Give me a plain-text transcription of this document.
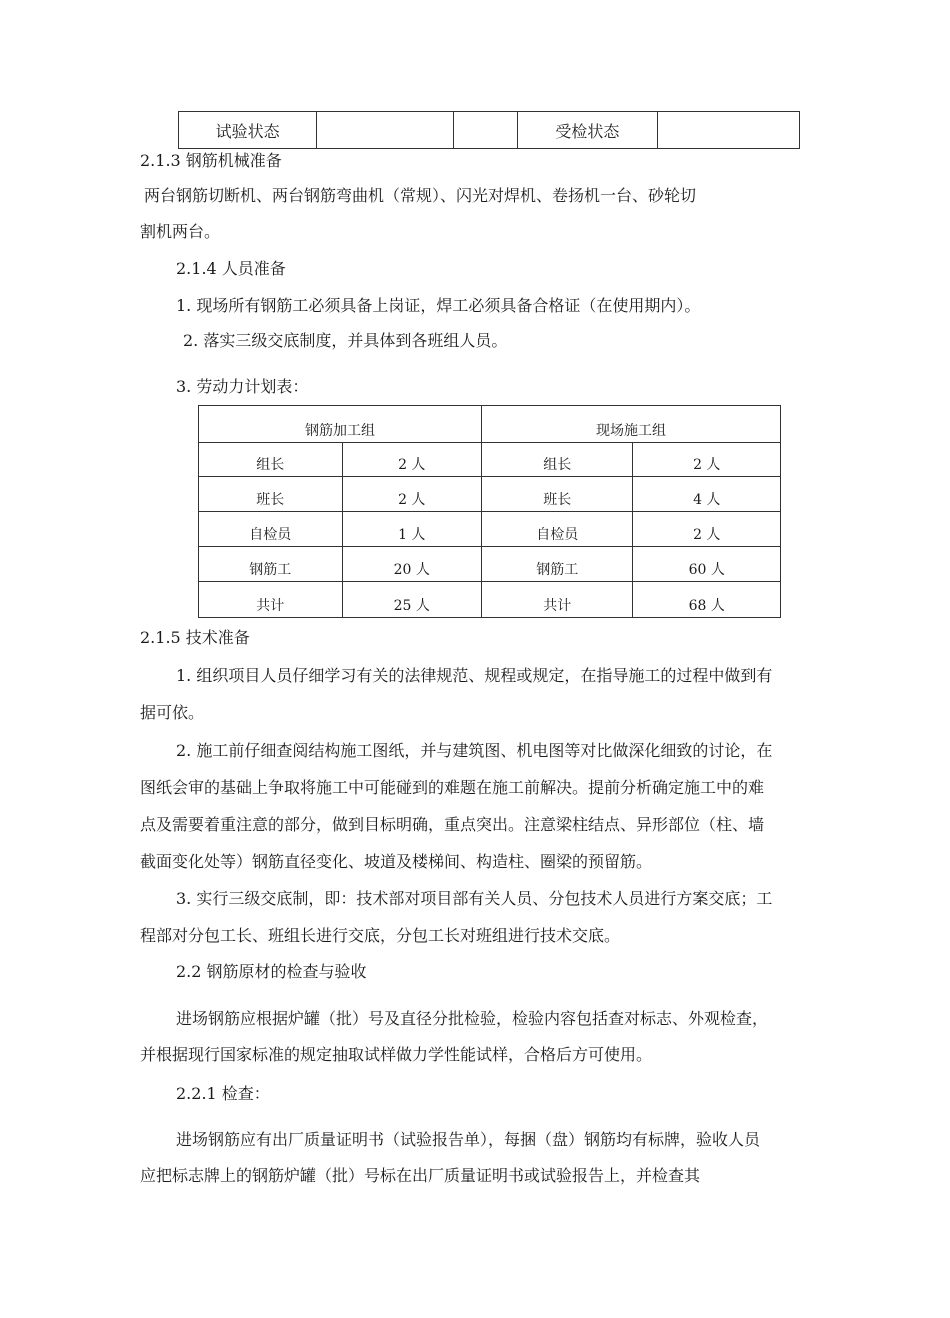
试验状态			受检状态	
2.1.3 钢筋机械准备
两台钢筋切断机、两台钢筋弯曲机（常规）、闪光对焊机、卷扬机一台、砂轮切
割机两台。
2.1.4 人员准备
1. 现场所有钢筋工必须具备上岗证，焊工必须具备合格证（在使用期内）。
2. 落实三级交底制度，并具体到各班组人员。
3. 劳动力计划表：
钢筋加工组		现场施工组	
组长	2 人	组长	2 人
班长	2 人	班长	4 人
自检员	1 人	自检员	2 人
钢筋工	20 人	钢筋工	60 人
共计	25 人	共计	68 人
2.1.5 技术准备
1. 组织项目人员仔细学习有关的法律规范、规程或规定，在指导施工的过程中做到有
据可依。
2. 施工前仔细查阅结构施工图纸，并与建筑图、机电图等对比做深化细致的讨论，在
图纸会审的基础上争取将施工中可能碰到的难题在施工前解决。提前分析确定施工中的难
点及需要着重注意的部分，做到目标明确，重点突出。注意梁柱结点、异形部位（柱、墙
截面变化处等）钢筋直径变化、坡道及楼梯间、构造柱、圈梁的预留筋。
3. 实行三级交底制，即：技术部对项目部有关人员、分包技术人员进行方案交底；工
程部对分包工长、班组长进行交底，分包工长对班组进行技术交底。
2.2 钢筋原材的检查与验收
进场钢筋应根据炉罐（批）号及直径分批检验，检验内容包括查对标志、外观检查，
并根据现行国家标准的规定抽取试样做力学性能试样，合格后方可使用。
2.2.1 检查：
进场钢筋应有出厂质量证明书（试验报告单），每捆（盘）钢筋均有标牌，验收人员
应把标志牌上的钢筋炉罐（批）号标在出厂质量证明书或试验报告上，并检查其
